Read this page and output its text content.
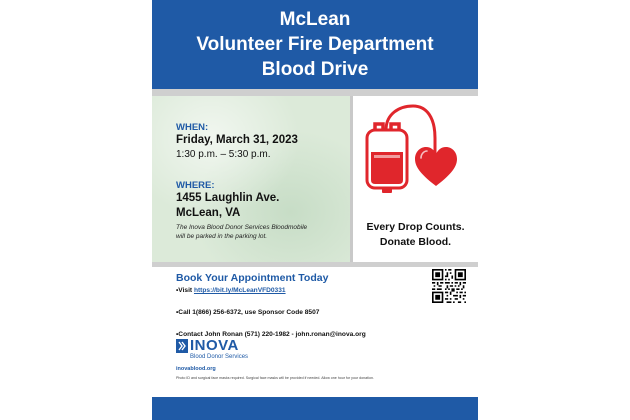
McLean
Volunteer Fire Department
Blood Drive
WHEN:
Friday, March 31, 2023
1:30 p.m. – 5:30 p.m.
WHERE:
1455 Laughlin Ave.
McLean, VA
The Inova Blood Donor Services Bloodmobile
will be parked in the parking lot.
Every Drop Counts.
Donate Blood.
Book Your Appointment Today
•Visit https://bit.ly/McLeanVFD0331
•Call 1(866) 256-6372, use Sponsor Code 8507
•Contact John Ronan (571) 220-1982 - john.ronan@inova.org
INOVA
Blood Donor Services
inovablood.org
Photo ID and surgical face masks required. Surgical face masks will be provided if needed. Allow one hour for your donation.
